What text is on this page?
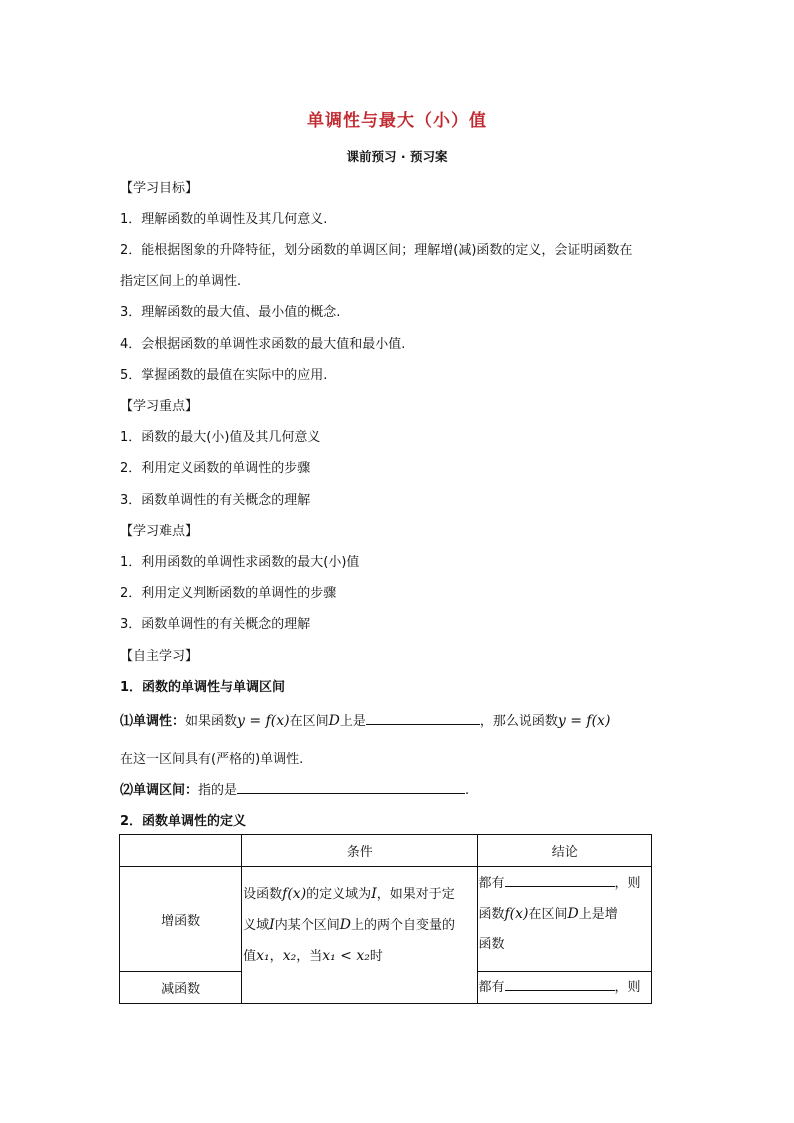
单调性与最大（小）值
课前预习 · 预习案
【学习目标】
1．理解函数的单调性及其几何意义.
2．能根据图象的升降特征，划分函数的单调区间；理解增(减)函数的定义，会证明函数在
指定区间上的单调性.
3．理解函数的最大值、最小值的概念.
4．会根据函数的单调性求函数的最大值和最小值.
5．掌握函数的最值在实际中的应用.
【学习重点】
1．函数的最大(小)值及其几何意义
2．利用定义函数的单调性的步骤
3．函数单调性的有关概念的理解
【学习难点】
1．利用函数的单调性求函数的最大(小)值
2．利用定义判断函数的单调性的步骤
3．函数单调性的有关概念的理解
【自主学习】
1．函数的单调性与单调区间
⑴单调性：如果函数y = f(x)在区间D上是	，那么说函数y = f(x)
在这一区间具有(严格的)单调性.
⑵单调区间：指的是	.
2．函数单调性的定义
	条件	结论
增函数	设函数f(x)的定义域为I，如果对于定
义域I内某个区间D上的两个自变量的
值x₁，x₂，当x₁ < x₂时	都有 ，则
函数f(x)在区间D上是增
函数

减函数		都有 ，则
